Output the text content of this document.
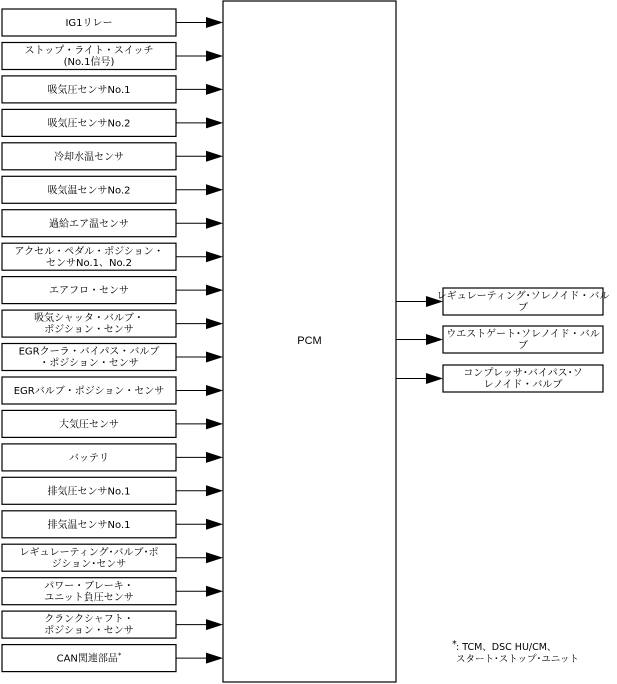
IG1リレー
ストップ・ライト・スイッチ
(No.1信号)
吸気圧センサNo.1
吸気圧センサNo.2
冷却水温センサ
吸気温センサNo.2
過給エア温センサ
アクセル・ペダル・ポジション・
センサNo.1、No.2
エアフロ・センサ
吸気シャッタ・バルブ・
ポジション・センサ
EGRクーラ・バイパス・バルブ
・ポジション・センサ
EGRバルブ・ポジション・センサ
大気圧センサ
バッテリ
排気圧センサNo.1
排気温センサNo.1
レギュレーティング･バルブ･ポ
ジション･センサ
パワー・ブレーキ・
ユニット負圧センサ
クランクシャフト・
ポジション・センサ
CAN関連部品*
PCM
レギュレーティング･ソレノイド・バル
ブ
ウエストゲート･ソレノイド・バル
ブ
コンプレッサ･バイパス･ソ
レノイド・バルブ
* : TCM、DSC HU/CM、
スタート･ストップ･ユニット
